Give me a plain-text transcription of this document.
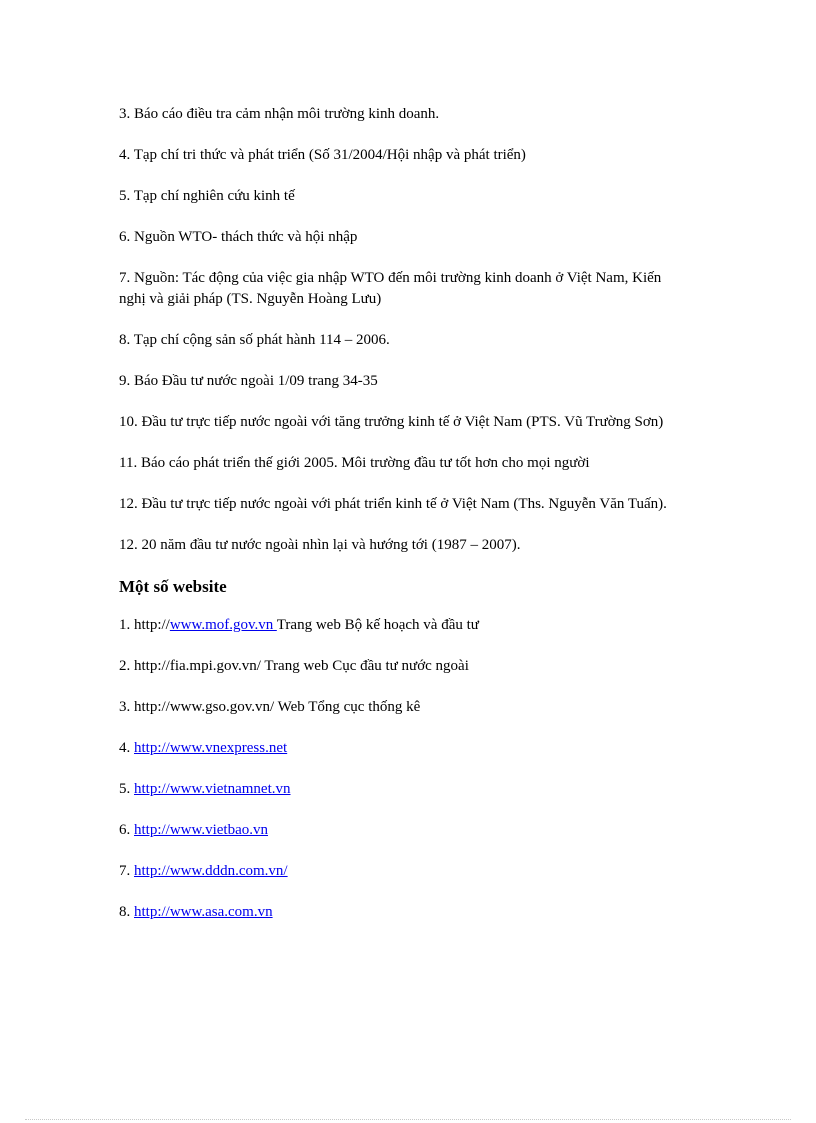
3. Báo cáo điều tra cảm nhận môi trường kinh doanh.

4. Tạp chí tri thức và phát triển (Số 31/2004/Hội nhập và phát triển)

5. Tạp chí nghiên cứu kinh tế

6. Nguồn WTO- thách thức và hội nhập

7. Nguồn: Tác động của việc gia nhập WTO đến môi trường kinh doanh ở Việt Nam, Kiến nghị và giải pháp (TS. Nguyễn Hoàng Lưu)

8. Tạp chí cộng sản số phát hành 114 – 2006.

9. Báo Đầu tư nước ngoài 1/09 trang 34-35

10. Đầu tư trực tiếp nước ngoài với tăng trưởng kinh tế ở Việt Nam (PTS. Vũ Trường Sơn)

11. Báo cáo phát triển thế giới 2005. Môi trường đầu tư tốt hơn cho mọi người

12. Đầu tư trực tiếp nước ngoài với phát triển kinh tế ở Việt Nam (Ths. Nguyễn Văn Tuấn).

12. 20 năm đầu tư nước ngoài nhìn lại và hướng tới (1987 – 2007).

Một số website

1. http://www.mof.gov.vn Trang web Bộ kế hoạch và đầu tư

2. http://fia.mpi.gov.vn/ Trang web Cục đầu tư nước ngoài

3. http://www.gso.gov.vn/ Web Tổng cục thống kê

4. http://www.vnexpress.net

5. http://www.vietnamnet.vn

6. http://www.vietbao.vn

7. http://www.dddn.com.vn/

8. http://www.asa.com.vn
